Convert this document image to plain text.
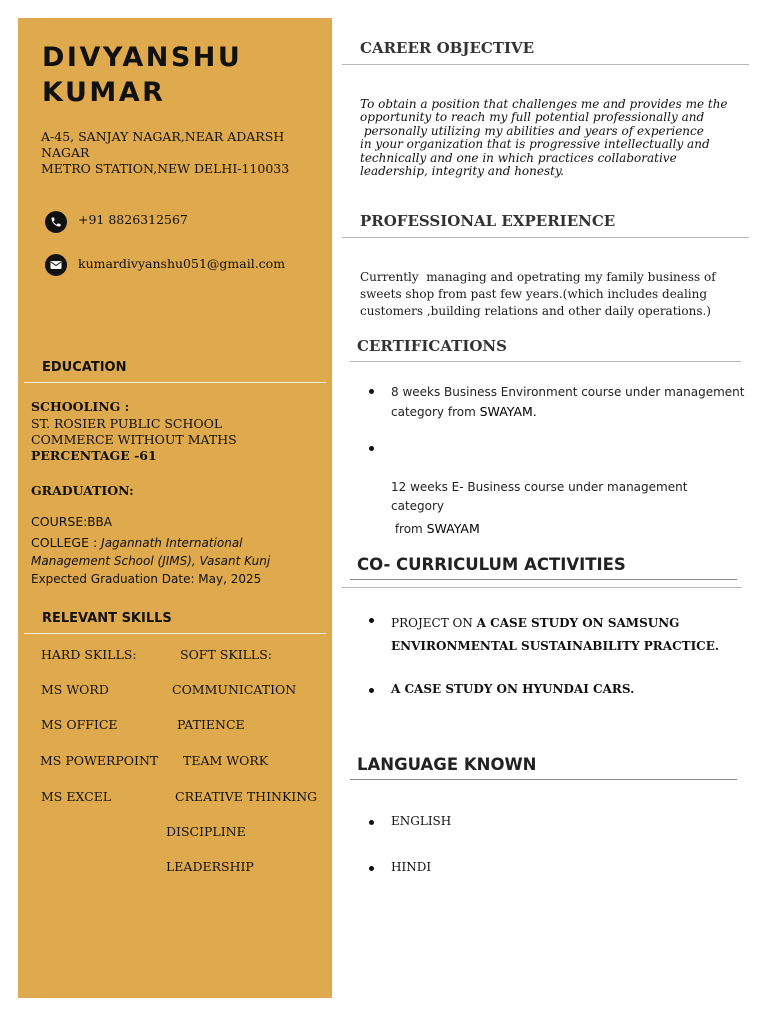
DIVYANSHU
KUMAR
A-45, SANJAY NAGAR,NEAR ADARSH NAGAR
METRO STATION,NEW DELHI-110033
+91 8826312567
kumardivyanshu051@gmail.com
EDUCATION
SCHOOLING :
ST. ROSIER PUBLIC SCHOOL
COMMERCE WITHOUT MATHS
PERCENTAGE -61
GRADUATION:
COURSE:BBA
COLLEGE : Jagannath International
Management School (JIMS), Vasant Kunj
Expected Graduation Date: May, 2025
RELEVANT SKILLS
HARD SKILLS:	SOFT SKILLS:
MS WORD
MS OFFICE
MS POWERPOINT
MS EXCEL
COMMUNICATION
PATIENCE
TEAM WORK
CREATIVE THINKING
DISCIPLINE
LEADERSHIP
CAREER OBJECTIVE

To obtain a position that challenges me and provides me the
opportunity to reach my full potential professionally and
personally utilizing my abilities and years of experience
in your organization that is progressive intellectually and
technically and one in which practices collaborative
leadership, integrity and honesty.

PROFESSIONAL EXPERIENCE

Currently  managing and opetrating my family business of
sweets shop from past few years.(which includes dealing
customers ,building relations and other daily operations.)

CERTIFICATIONS
8 weeks Business Environment course under management
category from SWAYAM.

12 weeks E- Business course under management
category
from SWAYAM

CO- CURRICULUM ACTIVITIES
PROJECT ON A CASE STUDY ON SAMSUNG
ENVIRONMENTAL SUSTAINABILITY PRACTICE.
A CASE STUDY ON HYUNDAI CARS.
LANGUAGE KNOWN
ENGLISH
HINDI
